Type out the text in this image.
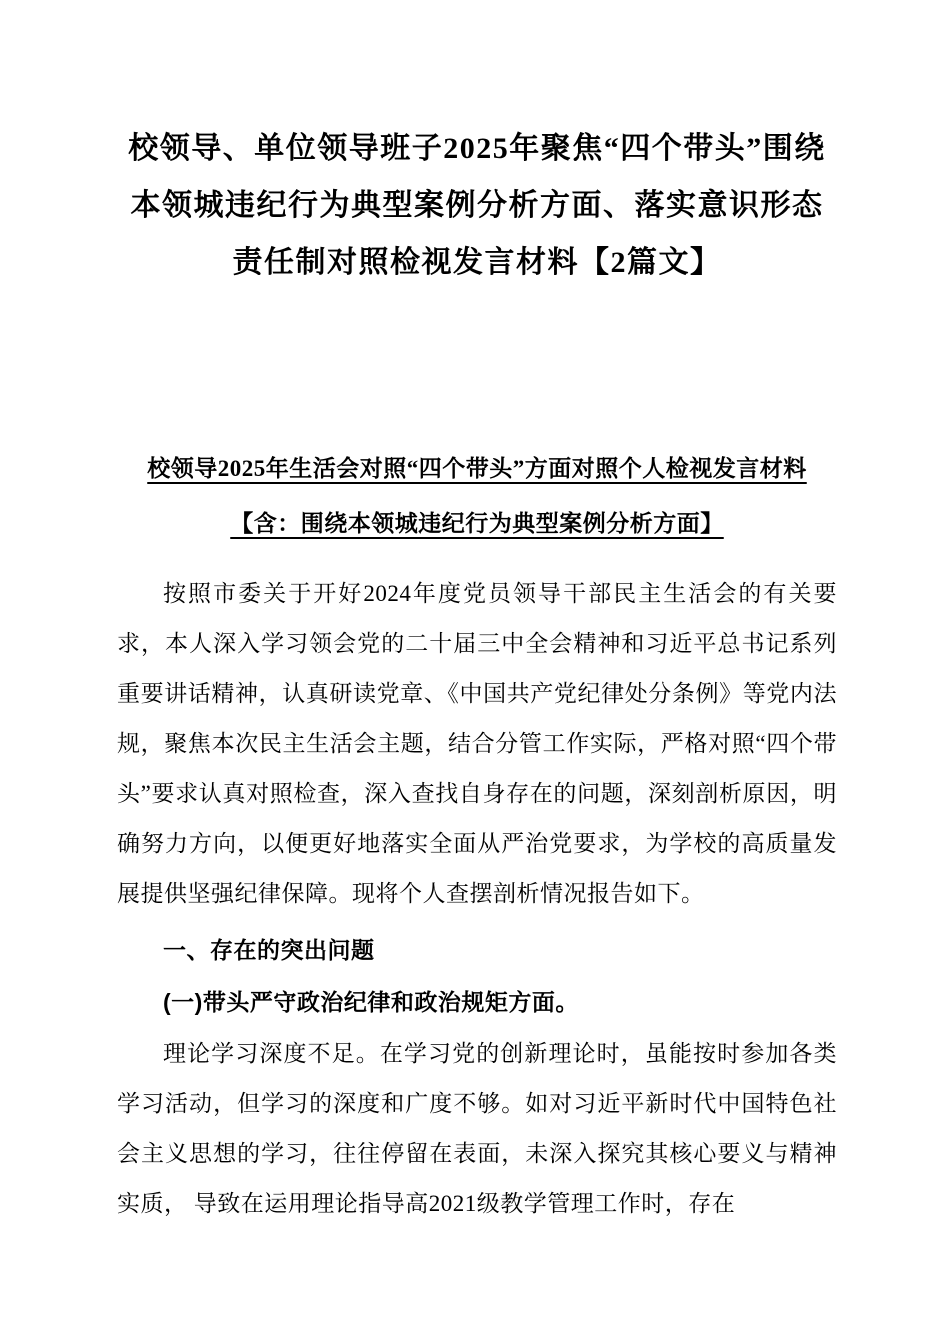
校领导、单位领导班子2025年聚焦“四个带头”围绕本领城违纪行为典型案例分析方面、落实意识形态责任制对照检视发言材料【2篇文】
校领导2025年生活会对照“四个带头”方面对照个人检视发言材料【含：围绕本领城违纪行为典型案例分析方面】

按照市委关于开好2024年度党员领导干部民主生活会的有关要求，本人深入学习领会党的二十届三中全会精神和习近平总书记系列重要讲话精神，认真研读党章、《中国共产党纪律处分条例》等党内法规，聚焦本次民主生活会主题，结合分管工作实际，严格对照“四个带头”要求认真对照检查，深入查找自身存在的问题，深刻剖析原因，明确努力方向，以便更好地落实全面从严治党要求，为学校的高质量发展提供坚强纪律保障。现将个人查摆剖析情况报告如下。

一、存在的突出问题

(一)带头严守政治纪律和政治规矩方面。

理论学习深度不足。在学习党的创新理论时，虽能按时参加各类学习活动，但学习的深度和广度不够。如对习近平新时代中国特色社会主义思想的学习，往往停留在表面，未深入探究其核心要义与精神实质， 导致在运用理论指导高2021级教学管理工作时，存在
